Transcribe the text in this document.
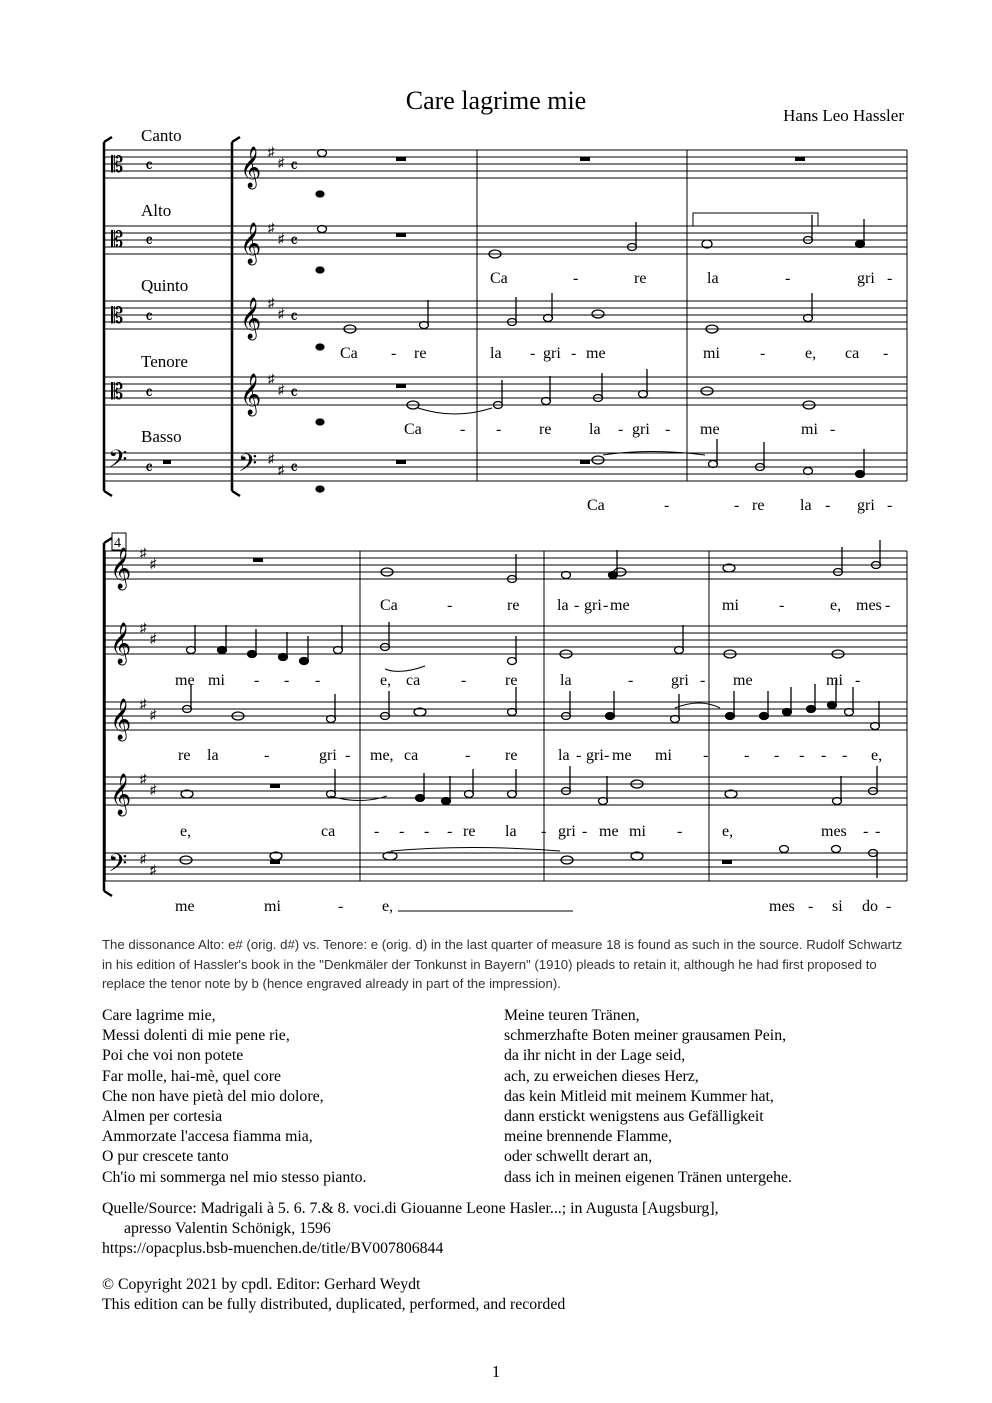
Care lagrime mie
Hans Leo Hassler
Canto
Alto
Quinto
Tenore
Basso
4
𝄡
𝄡
𝄡
𝄡
𝄢
𝄴
𝄴
𝄴
𝄴
𝄴
𝄞
𝄞
𝄞
𝄞
𝄢
♯
♯
♯
♯
♯
♯
♯
♯
♯
♯
𝄴
𝄴
𝄴
𝄴
𝄴
𝄞
𝄞
𝄞
𝄞
𝄢
♯
♯
♯
♯
♯
♯
♯
♯
♯
♯
Ca	-	re	la	-	gri -
Ca - re	la - gri - me	mi	- e, ca -
Ca - - re la - gri - me	mi -
Ca	-	- re la - gri -
Ca	-	re la - gri - me	mi	-	e, mes -
me mi - - -	e, ca	- re	la	- gri - me	mi -
re la	-	gri - me, ca	- re	la - gri - me mi - - - - - - e,
e,	ca - - - - re la - gri - me mi - e,	mes - -
me	mi	- e,	mes - si do -
The dissonance Alto: e# (orig. d#) vs. Tenore: e (orig. d) in the last quarter of measure 18 is found as such in the source. Rudolf Schwartz in his edition of Hassler's book in the "Denkmäler der Tonkunst in Bayern" (1910) pleads to retain it, although he had first proposed to replace the tenor note by b (hence engraved already in part of the impression).
Care lagrime mie,
Messi dolenti di mie pene rie,
Poi che voi non potete
Far molle, hai-mè, quel core
Che non have pietà del mio dolore,
Almen per cortesia
Ammorzate l'accesa fiamma mia,
O pur crescete tanto
Ch'io mi sommerga nel mio stesso pianto.
Meine teuren Tränen,
schmerzhafte Boten meiner grausamen Pein,
da ihr nicht in der Lage seid,
ach, zu erweichen dieses Herz,
das kein Mitleid mit meinem Kummer hat,
dann erstickt wenigstens aus Gefälligkeit
meine brennende Flamme,
oder schwellt derart an,
dass ich in meinen eigenen Tränen untergehe.
Quelle/Source: Madrigali à 5. 6. 7.& 8. voci.di Giouanne Leone Hasler...; in Augusta [Augsburg],
apresso Valentin Schönigk, 1596
https://opacplus.bsb-muenchen.de/title/BV007806844
© Copyright 2021 by cpdl. Editor: Gerhard Weydt
This edition can be fully distributed, duplicated, performed, and recorded
1
